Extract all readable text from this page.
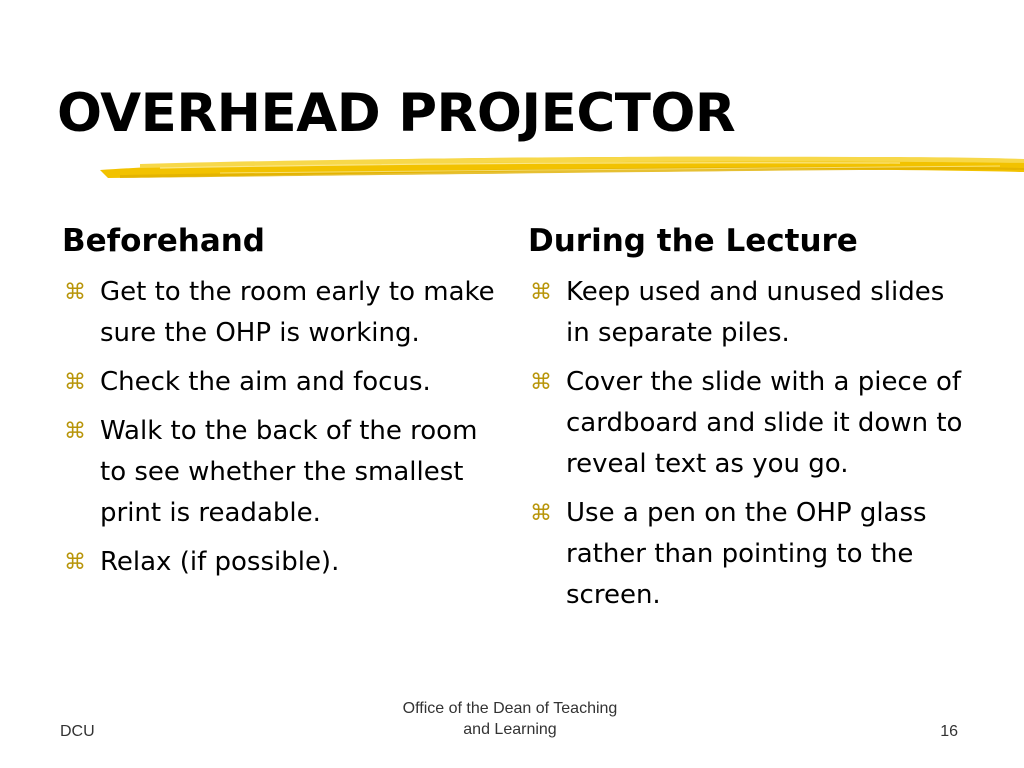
OVERHEAD PROJECTOR
Beforehand
⌘ Get to the room early to make sure the OHP is working.
⌘ Check the aim and focus.
⌘ Walk to the back of the room to see whether the smallest print is readable.
⌘ Relax (if possible).
During the Lecture
⌘ Keep used and unused slides in separate piles.
⌘ Cover the slide with a piece of cardboard and slide it down to reveal text as you go.
⌘ Use a pen on the OHP glass rather than pointing to the screen.
DCU
Office of the Dean of Teaching
and Learning	16
